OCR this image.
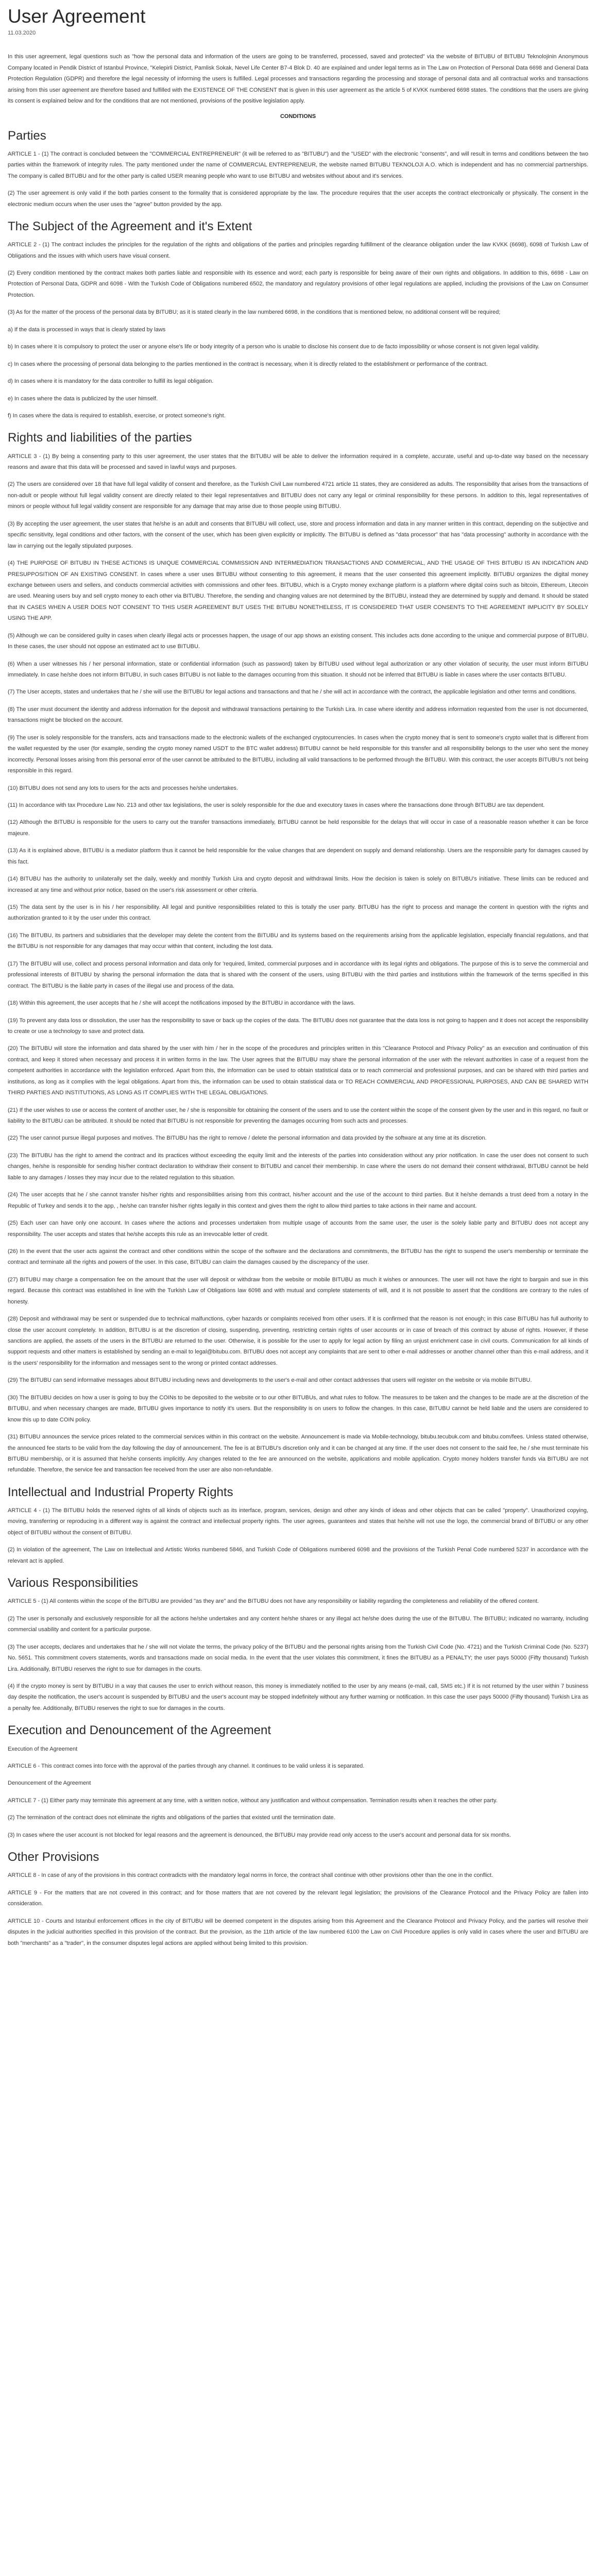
User Agreement
11.03.2020

In this user agreement, legal questions such as "how the personal data and information of the users are going to be transferred, processed, saved and protected" via the website of BITUBU of BITUBU Teknolojinin Anonymous Company located in Pendik District of Istanbul Province, "Kelepirli District, Pamlisk Sokak, Nevel Life Center B7-4 Blok D. 40 are explained and under legal terms as in The Law on Protection of Personal Data 6698 and General Data Protection Regulation (GDPR) and therefore the legal necessity of informing the users is fulfilled. Legal processes and transactions regarding the processing and storage of personal data and all contractual works and transactions arising from this user agreement are therefore based and fulfilled with the EXISTENCE OF THE CONSENT that is given in this user agreement as the article 5 of KVKK numbered 6698 states. The conditions that the users are giving its consent is explained below and for the conditions that are not mentioned, provisions of the positive legislation apply.

CONDITIONS
Parties

ARTICLE 1 - (1) The contract is concluded between the "COMMERCIAL ENTREPRENEUR" (it will be referred to as "BITUBU") and the "USED" with the electronic "consents", and will result in terms and conditions between the two parties within the framework of integrity rules. The party mentioned under the name of COMMERCIAL ENTREPRENEUR, the website named BITUBU TEKNOLOJI A.O. which is independent and has no commercial partnerships. The company is called BITUBU and for the other party is called USER meaning people who want to use BITUBU and websites without about and it's services.

(2) The user agreement is only valid if the both parties consent to the formality that is considered appropriate by the law. The procedure requires that the user accepts the contract electronically or physically. The consent in the electronic medium occurs when the user uses the "agree" button provided by the app.

The Subject of the Agreement and it's Extent

ARTICLE 2 - (1) The contract includes the principles for the regulation of the rights and obligations of the parties and principles regarding fulfillment of the clearance obligation under the law KVKK (6698), 6098 of Turkish Law of Obligations and the issues with which users have visual consent.

(2) Every condition mentioned by the contract makes both parties liable and responsible with its essence and word; each party is responsible for being aware of their own rights and obligations. In addition to this, 6698 - Law on Protection of Personal Data, GDPR and 6098 - With the Turkish Code of Obligations numbered 6502, the mandatory and regulatory provisions of other legal regulations are applied, including the provisions of the Law on Consumer Protection.

(3) As for the matter of the process of the personal data by BITUBU; as it is stated clearly in the law numbered 6698, in the conditions that is mentioned below, no additional consent will be required;

a) If the data is processed in ways that is clearly stated by laws

b) In cases where it is compulsory to protect the user or anyone else's life or body integrity of a person who is unable to disclose his consent due to de facto impossibility or whose consent is not given legal validity.

c) In cases where the processing of personal data belonging to the parties mentioned in the contract is necessary, when it is directly related to the establishment or performance of the contract.

d) In cases where it is mandatory for the data controller to fulfill its legal obligation.

e) In cases where the data is publicized by the user himself.

f) In cases where the data is required to establish, exercise, or protect someone's right.

Rights and liabilities of the parties

ARTICLE 3 - (1) By being a consenting party to this user agreement, the user states that the BITUBU will be able to deliver the information required in a complete, accurate, useful and up-to-date way based on the necessary reasons and aware that this data will be processed and saved in lawful ways and purposes.

(2) The users are considered over 18 that have full legal validity of consent and therefore, as the Turkish Civil Law numbered 4721 article 11 states, they are considered as adults. The responsibility that arises from the transactions of non-adult or people without full legal validity consent are directly related to their legal representatives and BITUBU does not carry any legal or criminal responsibility for these persons. In addition to this, legal representatives of minors or people without full legal validity consent are responsible for any damage that may arise due to those people using BITUBU.

(3) By accepting the user agreement, the user states that he/she is an adult and consents that BITUBU will collect, use, store and process information and data in any manner written in this contract, depending on the subjective and specific sensitivity, legal conditions and other factors, with the consent of the user, which has been given explicitly or implicitly. The BITUBU is defined as "data processor" that has "data processing" authority in accordance with the law in carrying out the legally stipulated purposes.

(4) THE PURPOSE OF BITUBU IN THESE ACTIONS IS UNIQUE COMMERCIAL COMMISSION AND INTERMEDIATION TRANSACTIONS AND COMMERCIAL, AND THE USAGE OF THIS BITUBU IS AN INDICATION AND PRESUPPOSITION OF AN EXISTING CONSENT. In cases where a user uses BITUBU without consenting to this agreement, it means that the user consented this agreement implicitly. BITUBU organizes the digital money exchange between users and sellers, and conducts commercial activities with commissions and other fees. BITUBU, which is a Crypto money exchange platform is a platform where digital coins such as bitcoin, Ethereum, Litecoin are used. Meaning users buy and sell crypto money to each other via BITUBU. Therefore, the sending and changing values are not determined by the BITUBU, instead they are determined by supply and demand. It should be stated that IN CASES WHEN A USER DOES NOT CONSENT TO THIS USER AGREEMENT BUT USES THE BITUBU NONETHELESS, IT IS CONSIDERED THAT USER CONSENTS TO THE AGREEMENT IMPLICITY BY SOLELY USING THE APP.

(5) Although we can be considered guilty in cases when clearly illegal acts or processes happen, the usage of our app shows an existing consent. This includes acts done according to the unique and commercial purpose of BITUBU. In these cases, the user should not oppose an estimated act to use BITUBU.

(6) When a user witnesses his / her personal information, state or confidential information (such as password) taken by BITUBU used without legal authorization or any other violation of security, the user must inform BITUBU immediately. In case he/she does not inform BITUBU, in such cases BITUBU is not liable to the damages occurring from this situation. It should not be inferred that BITUBU is liable in cases where the user contacts BITUBU.

(7) The User accepts, states and undertakes that he / she will use the BITUBU for legal actions and transactions and that he / she will act in accordance with the contract, the applicable legislation and other terms and conditions.

(8) The user must document the identity and address information for the deposit and withdrawal transactions pertaining to the Turkish Lira. In case where identity and address information requested from the user is not documented, transactions might be blocked on the account.

(9) The user is solely responsible for the transfers, acts and transactions made to the electronic wallets of the exchanged cryptocurrencies. In cases when the crypto money that is sent to someone's crypto wallet that is different from the wallet requested by the user (for example, sending the crypto money named USDT to the BTC wallet address) BITUBU cannot be held responsible for this transfer and all responsibility belongs to the user who sent the money incorrectly. Personal losses arising from this personal error of the user cannot be attributed to the BITUBU, including all valid transactions to be performed through the BITUBU. With this contract, the user accepts BITUBU's not being responsible in this regard.

(10) BITUBU does not send any lots to users for the acts and processes he/she undertakes.

(11) In accordance with tax Procedure Law No. 213 and other tax legislations, the user is solely responsible for the due and executory taxes in cases where the transactions done through BITUBU are tax dependent.

(12) Although the BITUBU is responsible for the users to carry out the transfer transactions immediately, BITUBU cannot be held responsible for the delays that will occur in case of a reasonable reason whether it can be force majeure.

(13) As it is explained above, BITUBU is a mediator platform thus it cannot be held responsible for the value changes that are dependent on supply and demand relationship. Users are the responsible party for damages caused by this fact.

(14) BITUBU has the authority to unilaterally set the daily, weekly and monthly Turkish Lira and crypto deposit and withdrawal limits. How the decision is taken is solely on BITUBU's initiative. These limits can be reduced and increased at any time and without prior notice, based on the user's risk assessment or other criteria.

(15) The data sent by the user is in his / her responsibility. All legal and punitive responsibilities related to this is totally the user party. BITUBU has the right to process and manage the content in question with the rights and authorization granted to it by the user under this contract.

(16) The BITUBU, its partners and subsidiaries that the developer may delete the content from the BITUBU and its systems based on the requirements arising from the applicable legislation, especially financial regulations, and that the BITUBU is not responsible for any damages that may occur within that content, including the lost data.

(17) The BITUBU will use, collect and process personal information and data only for 'required, limited, commercial purposes and in accordance with its legal rights and obligations. The purpose of this is to serve the commercial and professional interests of BITUBU by sharing the personal information the data that is shared with the consent of the users, using BITUBU with the third parties and institutions within the framework of the terms specified in this contract. The BITUBU is the liable party in cases of the illegal use and process of the data.

(18) Within this agreement, the user accepts that he / she will accept the notifications imposed by the BITUBU in accordance with the laws.

(19) To prevent any data loss or dissolution, the user has the responsibility to save or back up the copies of the data. The BITUBU does not guarantee that the data loss is not going to happen and it does not accept the responsibility to create or use a technology to save and protect data.

(20) The BITUBU will store the information and data shared by the user with him / her in the scope of the procedures and principles written in this "Clearance Protocol and Privacy Policy" as an execution and continuation of this contract, and keep it stored when necessary and process it in written forms in the law. The User agrees that the BITUBU may share the personal information of the user with the relevant authorities in case of a request from the competent authorities in accordance with the legislation enforced. Apart from this, the information can be used to obtain statistical data or to reach commercial and professional purposes, and can be shared with third parties and institutions, as long as it complies with the legal obligations. Apart from this, the information can be used to obtain statistical data or TO REACH COMMERCIAL AND PROFESSIONAL PURPOSES, AND CAN BE SHARED WITH THIRD PARTIES AND INSTITUTIONS, AS LONG AS IT COMPLIES WITH THE LEGAL OBLIGATIONS.

(21) If the user wishes to use or access the content of another user, he / she is responsible for obtaining the consent of the users and to use the content within the scope of the consent given by the user and in this regard, no fault or liability to the BITUBU can be attributed. It should be noted that BITUBU is not responsible for preventing the damages occurring from such acts and processes.

(22) The user cannot pursue illegal purposes and motives. The BITUBU has the right to remove / delete the personal information and data provided by the software at any time at its discretion.

(23) The BITUBU has the right to amend the contract and its practices without exceeding the equity limit and the interests of the parties into consideration without any prior notification. In case the user does not consent to such changes, he/she is responsible for sending his/her contract declaration to withdraw their consent to BITUBU and cancel their membership. In case where the users do not demand their consent withdrawal, BITUBU cannot be held liable to any damages / losses they may incur due to the related regulation to this situation.

(24) The user accepts that he / she cannot transfer his/her rights and responsibilities arising from this contract, his/her account and the use of the account to third parties. But it he/she demands a trust deed from a notary in the Republic of Turkey and sends it to the app, , he/she can transfer his/her rights legally in this context and gives them the right to allow third parties to take actions in their name and account.

(25) Each user can have only one account. In cases where the actions and processes undertaken from multiple usage of accounts from the same user, the user is the solely liable party and BITUBU does not accept any responsibility. The user accepts and states that he/she accepts this rule as an irrevocable letter of credit.

(26) In the event that the user acts against the contract and other conditions within the scope of the software and the declarations and commitments, the BITUBU has the right to suspend the user's membership or terminate the contract and terminate all the rights and powers of the user. In this case, BITUBU can claim the damages caused by the discrepancy of the user.

(27) BITUBU may charge a compensation fee on the amount that the user will deposit or withdraw from the website or mobile BITUBU as much it wishes or announces. The user will not have the right to bargain and sue in this regard. Because this contract was established in line with the Turkish Law of Obligations law 6098 and with mutual and complete statements of will, and it is not possible to assert that the conditions are contrary to the rules of honesty.

(28) Deposit and withdrawal may be sent or suspended due to technical malfunctions, cyber hazards or complaints received from other users. If it is confirmed that the reason is not enough; in this case BITUBU has full authority to close the user account completely. In addition, BITUBU is at the discretion of closing, suspending, preventing, restricting certain rights of user accounts or in case of breach of this contract by abuse of rights. However, if these sanctions are applied, the assets of the users in the BITUBU are returned to the user. Otherwise, it is possible for the user to apply for legal action by filing an unjust enrichment case in civil courts. Communication for all kinds of support requests and other matters is established by sending an e-mail to legal@bitubu.com. BITUBU does not accept any complaints that are sent to other e-mail addresses or another channel other than this e-mail address, and it is the users' responsibility for the information and messages sent to the wrong or printed contact addresses.

(29) The BITUBU can send informative messages about BITUBU including news and developments to the user's e-mail and other contact addresses that users will register on the website or via mobile BITUBU.

(30) The BITUBU decides on how a user is going to buy the COINs to be deposited to the website or to our other BITUBUs, and what rules to follow. The measures to be taken and the changes to be made are at the discretion of the BITUBU, and when necessary changes are made, BITUBU gives importance to notify it's users. But the responsibility is on users to follow the changes. In this case, BITUBU cannot be held liable and the users are considered to know this up to date COIN policy.

(31) BITUBU announces the service prices related to the commercial services within in this contract on the website. Announcement is made via Mobile-technology, bitubu.tecubuk.com and bitubu.com/fees. Unless stated otherwise, the announced fee starts to be valid from the day following the day of announcement. The fee is at BITUBU's discretion only and it can be changed at any time. If the user does not consent to the said fee, he / she must terminate his BITUBU membership, or it is assumed that he/she consents implicitly. Any changes related to the fee are announced on the website, applications and mobile application. Crypto money holders transfer funds via BITUBU are not refundable. Therefore, the service fee and transaction fee received from the user are also non-refundable.

Intellectual and Industrial Property Rights

ARTICLE 4 - (1) The BITUBU holds the reserved rights of all kinds of objects such as its interface, program, services, design and other any kinds of ideas and other objects that can be called "property". Unauthorized copying, moving, transferring or reproducing in a different way is against the contract and intellectual property rights. The user agrees, guarantees and states that he/she will not use the logo, the commercial brand of BITUBU or any other object of BITUBU without the consent of BITUBU.

(2) In violation of the agreement, The Law on Intellectual and Artistic Works numbered 5846, and Turkish Code of Obligations numbered 6098 and the provisions of the Turkish Penal Code numbered 5237 in accordance with the relevant act is applied.

Various Responsibilities

ARTICLE 5 - (1) All contents within the scope of the BITUBU are provided "as they are" and the BITUBU does not have any responsibility or liability regarding the completeness and reliability of the offered content.

(2) The user is personally and exclusively responsible for all the actions he/she undertakes and any content he/she shares or any illegal act he/she does during the use of the BITUBU. The BITUBU; indicated no warranty, including commercial usability and content for a particular purpose.

(3) The user accepts, declares and undertakes that he / she will not violate the terms, the privacy policy of the BITUBU and the personal rights arising from the Turkish Civil Code (No. 4721) and the Turkish Criminal Code (No. 5237) No. 5651. This commitment covers statements, words and transactions made on social media. In the event that the user violates this commitment, it fines the BITUBU as a PENALTY; the user pays 50000 (Fifty thousand) Turkish Lira. Additionally, BITUBU reserves the right to sue for damages in the courts.

(4) If the crypto money is sent by BITUBU in a way that causes the user to enrich without reason, this money is immediately notified to the user by any means (e-mail, call, SMS etc.) If it is not returned by the user within 7 business day despite the notification, the user's account is suspended by BITUBU and the user's account may be stopped indefinitely without any further warning or notification. In this case the user pays 50000 (Fifty thousand) Turkish Lira as a penalty fee. Additionally, BITUBU reserves the right to sue for damages in the courts.

Execution and Denouncement of the Agreement

Execution of the Agreement

ARTICLE 6 - This contract comes into force with the approval of the parties through any channel. It continues to be valid unless it is separated.

Denouncement of the Agreement

ARTICLE 7 - (1) Either party may terminate this agreement at any time, with a written notice, without any justification and without compensation. Termination results when it reaches the other party.

(2) The termination of the contract does not eliminate the rights and obligations of the parties that existed until the termination date.

(3) In cases where the user account is not blocked for legal reasons and the agreement is denounced, the BITUBU may provide read only access to the user's account and personal data for six months.

Other Provisions

ARTICLE 8 - In case of any of the provisions in this contract contradicts with the mandatory legal norms in force, the contract shall continue with other provisions other than the one in the conflict.

ARTICLE 9 - For the matters that are not covered in this contract; and for those matters that are not covered by the relevant legal legislation; the provisions of the Clearance Protocol and the Privacy Policy are fallen into consideration.

ARTICLE 10 - Courts and Istanbul enforcement offices in the city of BITUBU will be deemed competent in the disputes arising from this Agreement and the Clearance Protocol and Privacy Policy, and the parties will resolve their disputes in the judicial authorities specified in this provision of the contract. But the provision, as the 11th article of the law numbered 6100 the Law on Civil Procedure applies is only valid in cases where the user and BITUBU are both "merchants" as a "trader", in the consumer disputes legal actions are applied without being limited to this provision.
